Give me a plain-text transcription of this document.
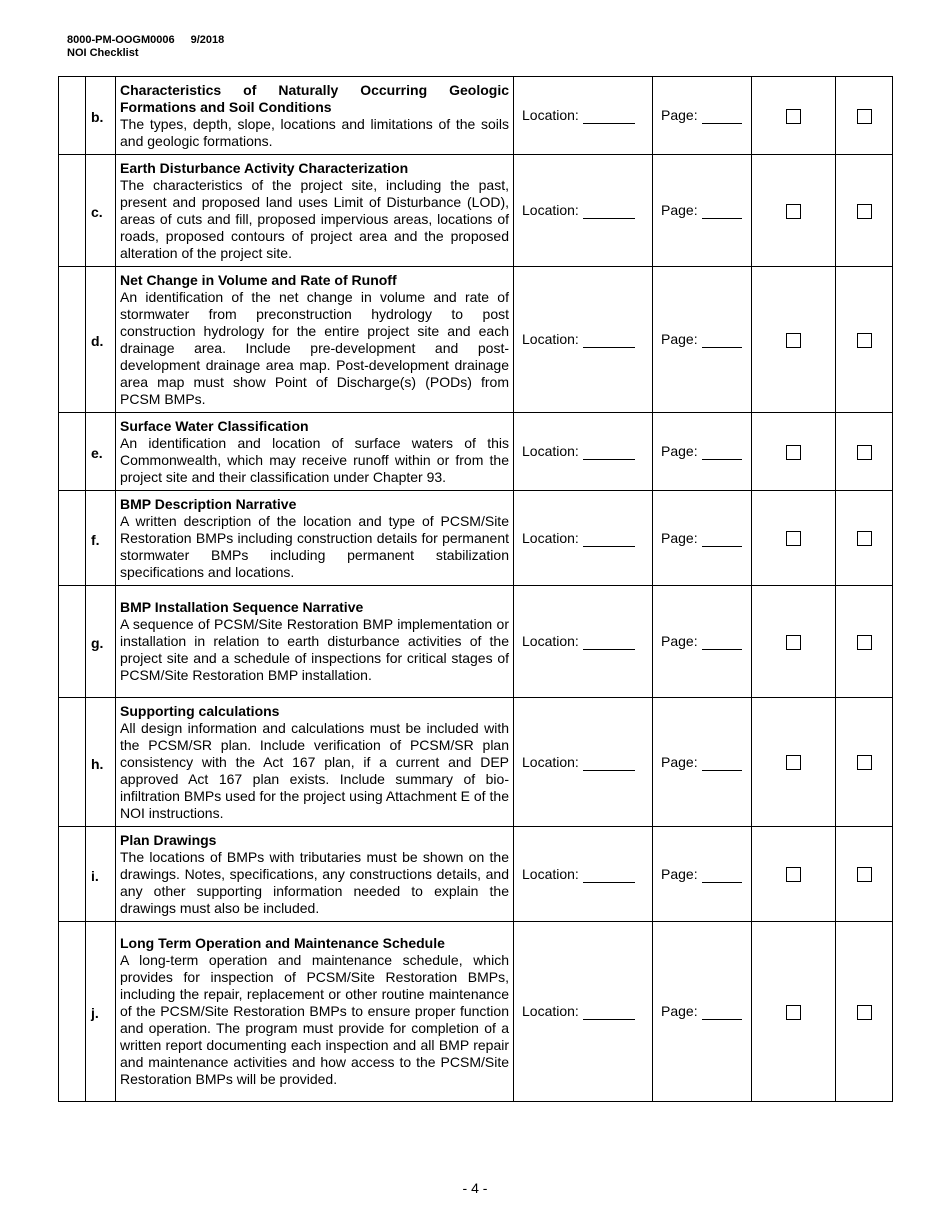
8000-PM-OOGM0006 9/2018
NOI Checklist
	b.	Characteristics of Naturally Occurring Geologic Formations and Soil Conditions
The types, depth, slope, locations and limitations of the soils and geologic formations.	Location:	Page:		
	c.	Earth Disturbance Activity Characterization
The characteristics of the project site, including the past, present and proposed land uses Limit of Disturbance (LOD), areas of cuts and fill, proposed impervious areas, locations of roads, proposed contours of project area and the proposed alteration of the project site.	Location:	Page:		
	d.	Net Change in Volume and Rate of Runoff
An identification of the net change in volume and rate of stormwater from preconstruction hydrology to post construction hydrology for the entire project site and each drainage area. Include pre-development and post-development drainage area map. Post-development drainage area map must show Point of Discharge(s) (PODs) from PCSM BMPs.	Location:	Page:		
	e.	Surface Water Classification
An identification and location of surface waters of this Commonwealth, which may receive runoff within or from the project site and their classification under Chapter 93.	Location:	Page:		
	f.	BMP Description Narrative
A written description of the location and type of PCSM/Site Restoration BMPs including construction details for permanent stormwater BMPs including permanent stabilization specifications and locations.	Location:	Page:		
	g.	BMP Installation Sequence Narrative
A sequence of PCSM/Site Restoration BMP implementation or installation in relation to earth disturbance activities of the project site and a schedule of inspections for critical stages of PCSM/Site Restoration BMP installation.	Location:	Page:		
	h.	Supporting calculations
All design information and calculations must be included with the PCSM/SR plan. Include verification of PCSM/SR plan consistency with the Act 167 plan, if a current and DEP approved Act 167 plan exists. Include summary of bio-infiltration BMPs used for the project using Attachment E of the NOI instructions.	Location:	Page:		
	i.	Plan Drawings
The locations of BMPs with tributaries must be shown on the drawings. Notes, specifications, any constructions details, and any other supporting information needed to explain the drawings must also be included.	Location:	Page:		
	j.	Long Term Operation and Maintenance Schedule
A long-term operation and maintenance schedule, which provides for inspection of PCSM/Site Restoration BMPs, including the repair, replacement or other routine maintenance of the PCSM/Site Restoration BMPs to ensure proper function and operation. The program must provide for completion of a written report documenting each inspection and all BMP repair and maintenance activities and how access to the PCSM/Site Restoration BMPs will be provided.	Location:	Page:		
- 4 -
